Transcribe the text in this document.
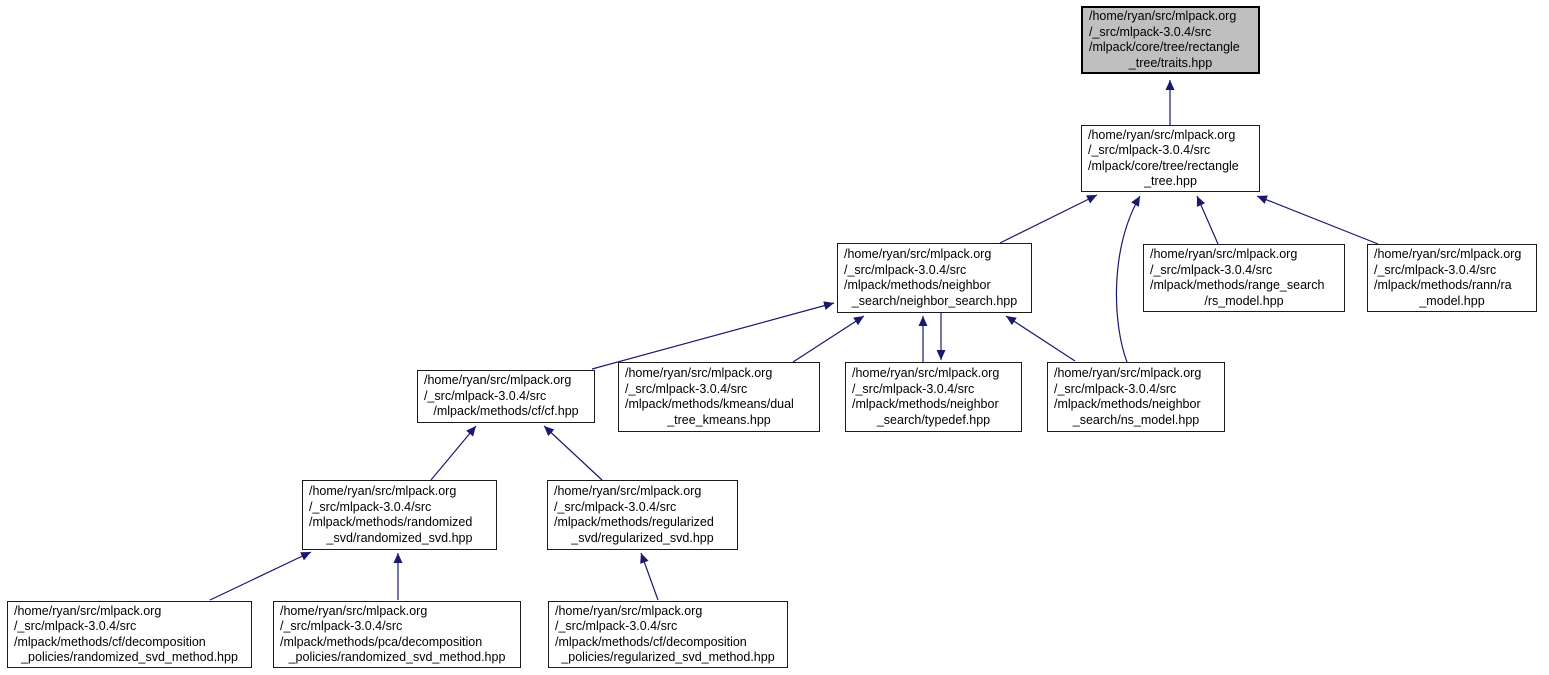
/home/ryan/src/mlpack.org
/_src/mlpack-3.0.4/src
/mlpack/core/tree/rectangle
_tree/traits.hpp
/home/ryan/src/mlpack.org
/_src/mlpack-3.0.4/src
/mlpack/core/tree/rectangle
_tree.hpp
/home/ryan/src/mlpack.org
/_src/mlpack-3.0.4/src
/mlpack/methods/neighbor
_search/neighbor_search.hpp
/home/ryan/src/mlpack.org
/_src/mlpack-3.0.4/src
/mlpack/methods/range_search
/rs_model.hpp
/home/ryan/src/mlpack.org
/_src/mlpack-3.0.4/src
/mlpack/methods/rann/ra
_model.hpp
/home/ryan/src/mlpack.org
/_src/mlpack-3.0.4/src
/mlpack/methods/cf/cf.hpp
/home/ryan/src/mlpack.org
/_src/mlpack-3.0.4/src
/mlpack/methods/kmeans/dual
_tree_kmeans.hpp
/home/ryan/src/mlpack.org
/_src/mlpack-3.0.4/src
/mlpack/methods/neighbor
_search/typedef.hpp
/home/ryan/src/mlpack.org
/_src/mlpack-3.0.4/src
/mlpack/methods/neighbor
_search/ns_model.hpp
/home/ryan/src/mlpack.org
/_src/mlpack-3.0.4/src
/mlpack/methods/randomized
_svd/randomized_svd.hpp
/home/ryan/src/mlpack.org
/_src/mlpack-3.0.4/src
/mlpack/methods/regularized
_svd/regularized_svd.hpp
/home/ryan/src/mlpack.org
/_src/mlpack-3.0.4/src
/mlpack/methods/cf/decomposition
_policies/randomized_svd_method.hpp
/home/ryan/src/mlpack.org
/_src/mlpack-3.0.4/src
/mlpack/methods/pca/decomposition
_policies/randomized_svd_method.hpp
/home/ryan/src/mlpack.org
/_src/mlpack-3.0.4/src
/mlpack/methods/cf/decomposition
_policies/regularized_svd_method.hpp
